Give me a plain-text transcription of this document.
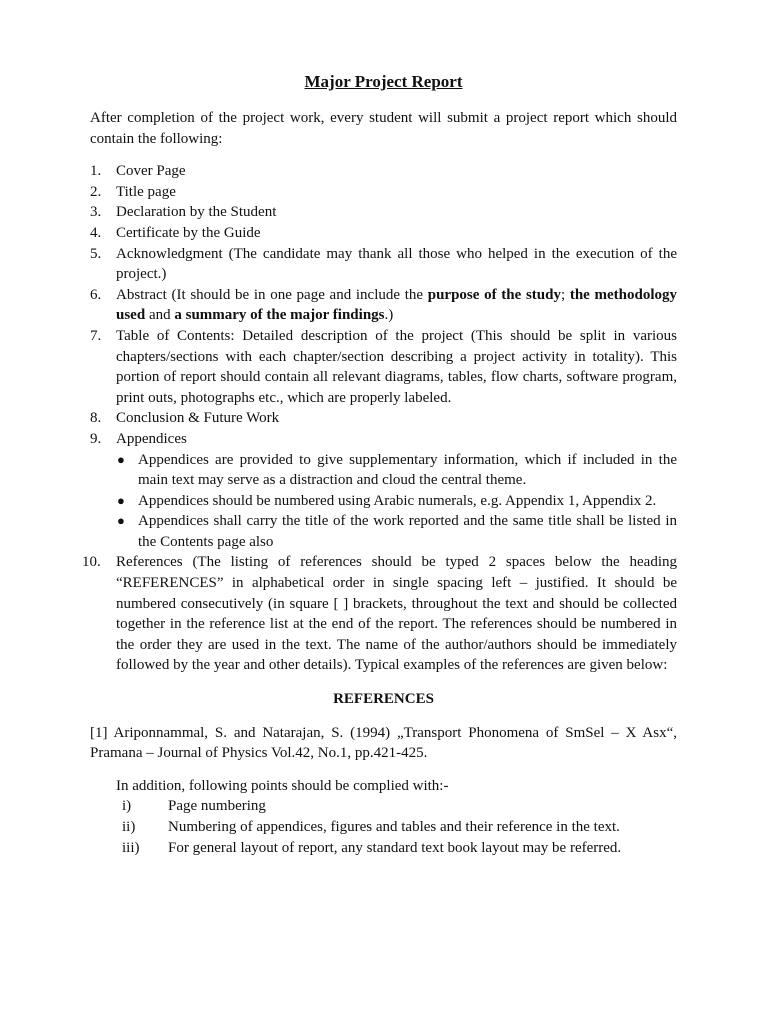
Major Project Report

After completion of the project work, every student will submit a project report which should contain the following:

1. Cover Page
2. Title page
3. Declaration by the Student
4. Certificate by the Guide
5. Acknowledgment (The candidate may thank all those who helped in the execution of the project.)
6. Abstract (It should be in one page and include the purpose of the study; the methodology used and a summary of the major findings.)
7. Table of Contents: Detailed description of the project (This should be split in various chapters/sections with each chapter/section describing a project activity in totality). This portion of report should contain all relevant diagrams, tables, flow charts, software program, print outs, photographs etc., which are properly labeled.
8. Conclusion & Future Work
9. Appendices
● Appendices are provided to give supplementary information, which if included in the main text may serve as a distraction and cloud the central theme.
● Appendices should be numbered using Arabic numerals, e.g. Appendix 1, Appendix 2.
● Appendices shall carry the title of the work reported and the same title shall be listed in the Contents page also
10. References (The listing of references should be typed 2 spaces below the heading “REFERENCES” in alphabetical order in single spacing left – justified. It should be numbered consecutively (in square [ ] brackets, throughout the text and should be collected together in the reference list at the end of the report. The references should be numbered in the order they are used in the text. The name of the author/authors should be immediately followed by the year and other details). Typical examples of the references are given below:
REFERENCES

[1] Ariponnammal, S. and Natarajan, S. (1994) „Transport Phonomena of SmSel – X Asx“, Pramana – Journal of Physics Vol.42, No.1, pp.421-425.

In addition, following points should be complied with:-
i)	Page numbering
ii)	Numbering of appendices, figures and tables and their reference in the text.
iii)	For general layout of report, any standard text book layout may be referred.
